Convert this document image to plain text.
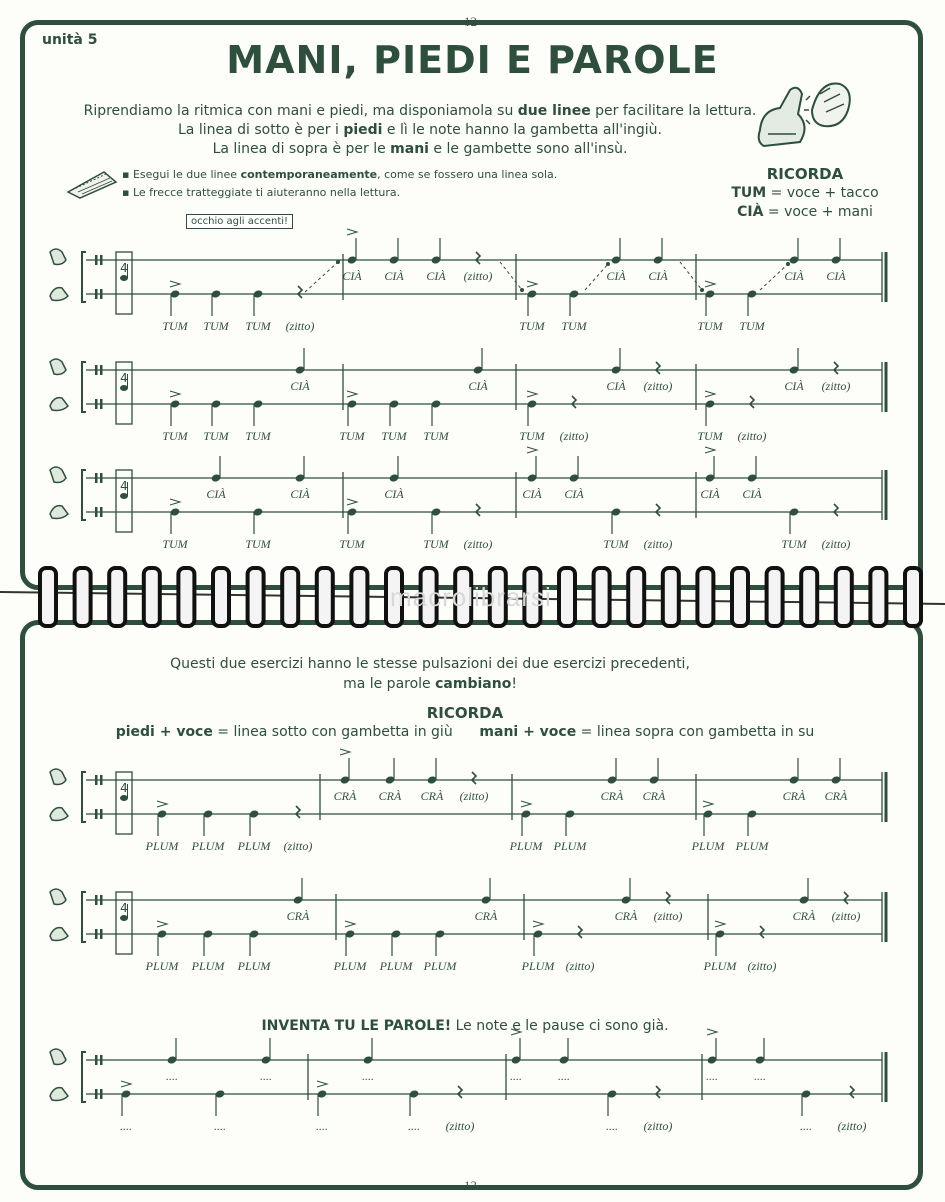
12
13
unità 5	MANI, PIEDI E PAROLE
Riprendiamo la ritmica con mani e piedi, ma disponiamola su due linee per facilitare la lettura.
La linea di sotto è per i piedi e lì le note hanno la gambetta all'ingiù.
La linea di sopra è per le mani e le gambette sono all'insù.
▪ Esegui le due linee contemporaneamente, come se fossero una linea sola.
▪ Le frecce tratteggiate ti aiuteranno nella lettura.
RICORDA
TUM = voce + tacco
CIÀ = voce + mani
occhio agli accenti!
macrolibrarsi
Questi due esercizi hanno le stesse pulsazioni dei due esercizi precedenti,
ma le parole cambiano!
RICORDA
piedi + voce = linea sotto con gambetta in giù mani + voce = linea sopra con gambetta in su
INVENTA TU LE PAROLE! Le note e le pause ci sono già.
4
TUM TUM TUM (zitto)
CIÀ CIÀ CIÀ (zitto)
TUM TUM
CIÀ CIÀ
TUM TUM
CIÀ CIÀ
4
TUM TUM TUM
CIÀ
TUM TUM TUM
CIÀ
TUM (zitto)
CIÀ (zitto)
TUM (zitto)
CIÀ (zitto)
4
TUM
CIÀ
TUM
CIÀ
TUM
CIÀ
TUM (zitto)
CIÀ CIÀ
TUM (zitto)
CIÀ CIÀ
TUM (zitto)
4
PLUM PLUM PLUM (zitto)
CRÀ CRÀ CRÀ (zitto)
PLUM PLUM
CRÀ CRÀ
PLUM PLUM
CRÀ CRÀ
4
PLUM PLUM PLUM
CRÀ
PLUM PLUM PLUM
CRÀ
PLUM (zitto)
CRÀ (zitto)
PLUM (zitto)
CRÀ (zitto)
....
....
....
....
....
....
.... (zitto)
....	....
.... (zitto)
....	....
.... (zitto)
